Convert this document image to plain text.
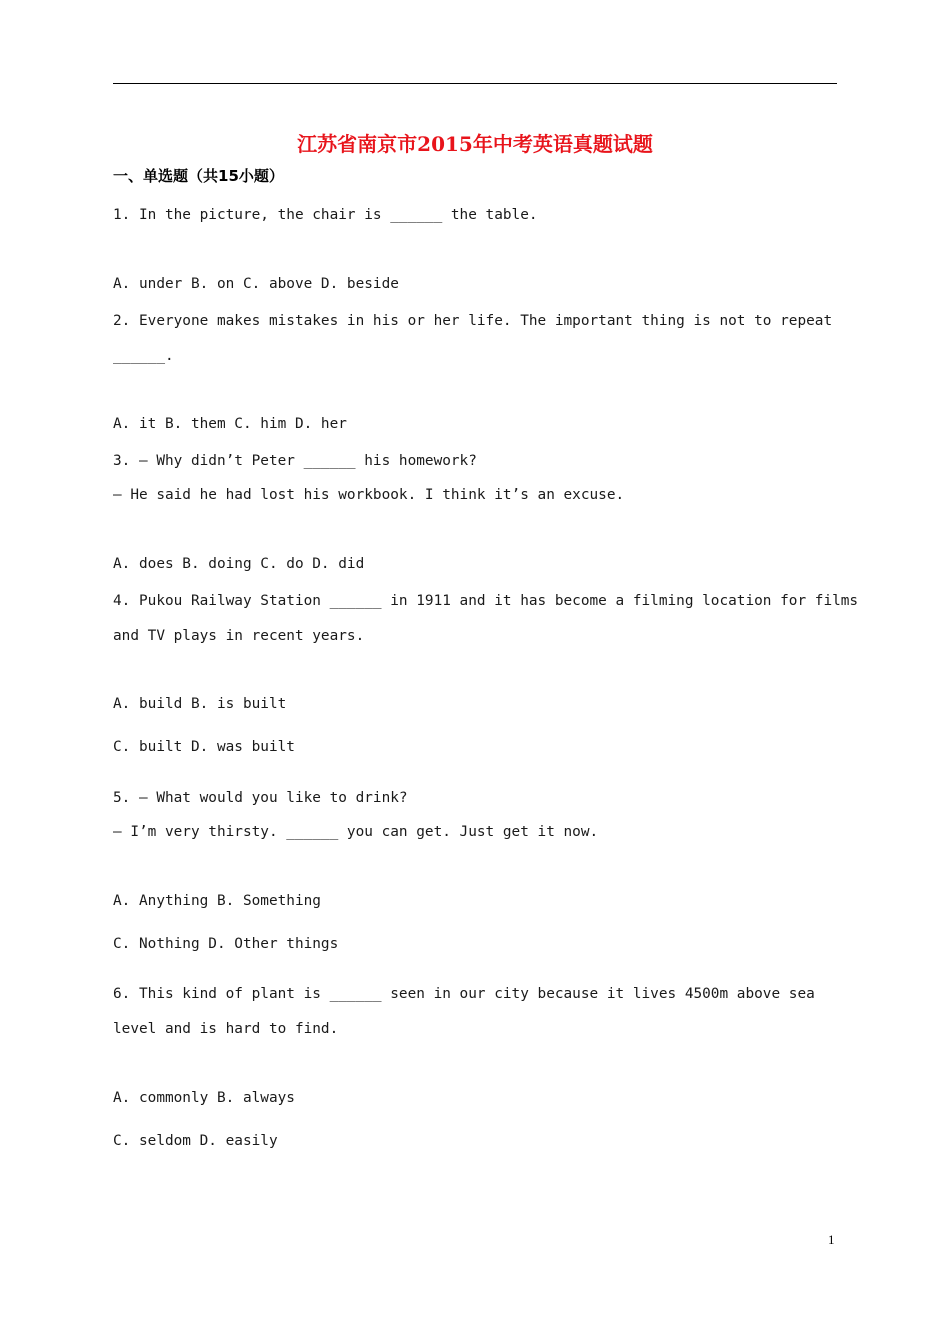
江苏省南京市2015年中考英语真题试题
一、单选题（共15小题）
1. In the picture, the chair is ______ the table.
A. under B. on C. above D. beside
2. Everyone makes mistakes in his or her life. The important thing is not to repeat
______.
A. it B. them C. him D. her
3. — Why didn’t Peter ______ his homework?
— He said he had lost his workbook. I think it’s an excuse.
A. does B. doing C. do D. did
4. Pukou Railway Station ______ in 1911 and it has become a filming location for films
and TV plays in recent years.
A. build B. is built
C. built D. was built
5. — What would you like to drink?
— I’m very thirsty. ______ you can get. Just get it now.
A. Anything B. Something
C. Nothing D. Other things
6. This kind of plant is ______ seen in our city because it lives 4500m above sea
level and is hard to find.
A. commonly B. always
C. seldom D. easily
1
